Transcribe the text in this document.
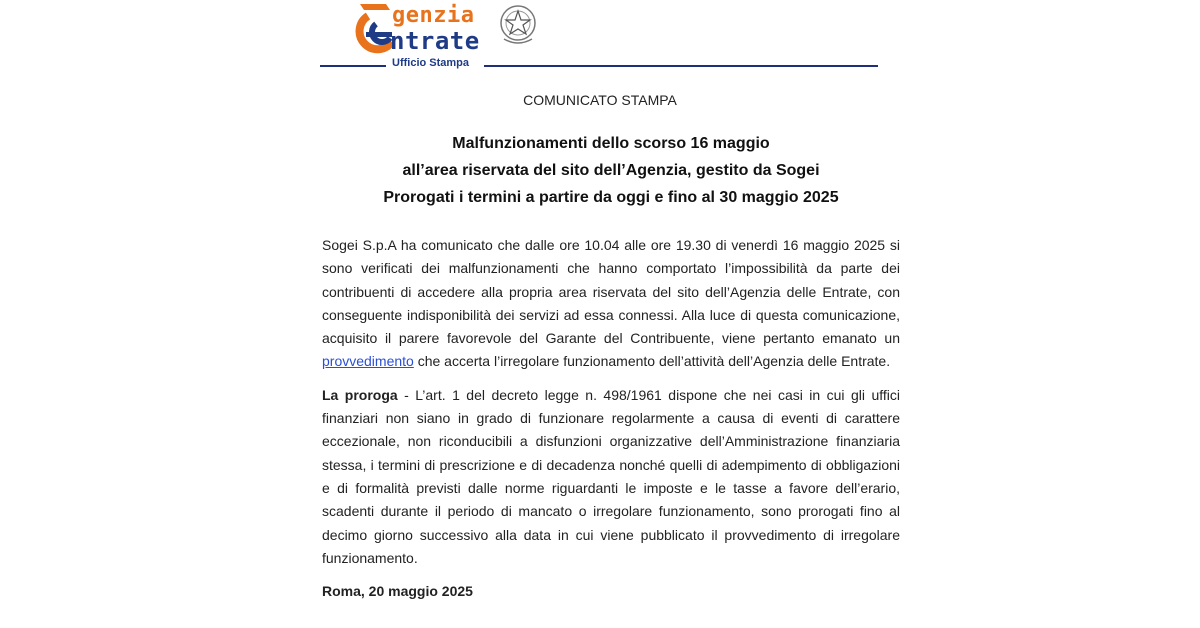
genzia
ntrate
Ufficio Stampa
COMUNICATO STAMPA
Malfunzionamenti dello scorso 16 maggio
all’area riservata del sito dell’Agenzia, gestito da Sogei
Prorogati i termini a partire da oggi e fino al 30 maggio 2025

Sogei S.p.A ha comunicato che dalle ore 10.04 alle ore 19.30 di venerdì 16 maggio 2025 si sono verificati dei malfunzionamenti che hanno comportato l’impossibilità da parte dei contribuenti di accedere alla propria area riservata del sito dell’Agenzia delle Entrate, con conseguente indisponibilità dei servizi ad essa connessi. Alla luce di questa comunicazione, acquisito il parere favorevole del Garante del Contribuente, viene pertanto emanato un provvedimento che accerta l’irregolare funzionamento dell’attività dell’Agenzia delle Entrate.

La proroga - L’art. 1 del decreto legge n. 498/1961 dispone che nei casi in cui gli uffici finanziari non siano in grado di funzionare regolarmente a causa di eventi di carattere eccezionale, non riconducibili a disfunzioni organizzative dell’Amministrazione finanziaria stessa, i termini di prescrizione e di decadenza nonché quelli di adempimento di obbligazioni e di formalità previsti dalle norme riguardanti le imposte e le tasse a favore dell’erario, scadenti durante il periodo di mancato o irregolare funzionamento, sono prorogati fino al decimo giorno successivo alla data in cui viene pubblicato il provvedimento di irregolare funzionamento.

Roma, 20 maggio 2025
